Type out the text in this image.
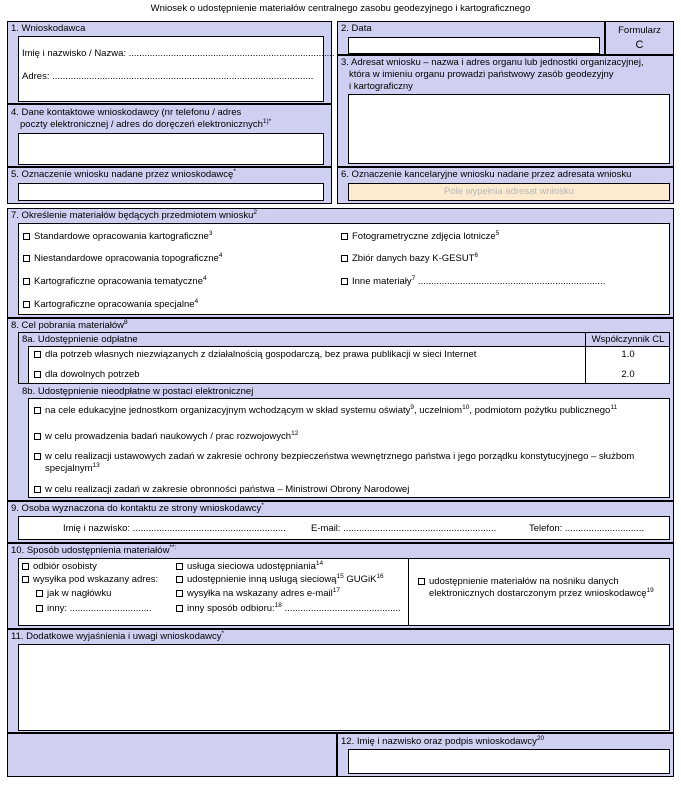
Wniosek o udostępnienie materiałów centralnego zasobu geodezyjnego i kartograficznego
1. Wnioskodawca
Imię i nazwisko / Nazwa: ..............................................................................
Adres: ...................................................................................................
2. Data	Formularz
C
3. Adresat wniosku – nazwa i adres organu lub jednostki organizacyjnej,
która w imieniu organu prowadzi państwowy zasób geodezyjny
i kartograficzny
4. Dane kontaktowe wnioskodawcy (nr telefonu / adres
poczty elektronicznej / adres do doręczeń elektronicznych$^{1)*}$
5. Oznaczenie wniosku nadane przez wnioskodawcę*	6. Oznaczenie kancelaryjne wniosku nadane przez adresata wniosku
Pole wypełnia adresat wniosku
7. Określenie materiałów będących przedmiotem wniosku$^2$
Standardowe opracowania kartograficzne$^3$
Niestandardowe opracowania topograficzne$^4$
Kartograficzne opracowania tematyczne$^4$
Kartograficzne opracowania specjalne$^4$
Fotogrametryczne zdjęcia lotnicze$^5$
Zbiór danych bazy K-GESUT$^6$
Inne materiały$^7$ .......................................................................
8. Cel pobrania materiałów$^8$
8a. Udostępnienie odpłatne	Współczynnik CL
dla potrzeb własnych niezwiązanych z działalnością gospodarczą, bez prawa publikacji w sieci Internet	1.0
dla dowolnych potrzeb	2.0
8b. Udostępnienie nieodpłatne w postaci elektronicznej
na cele edukacyjne jednostkom organizacyjnym wchodzącym w skład systemu oświaty$^9$, uczelniom$^{10}$, podmiotom pożytku publicznego$^{11}$
w celu prowadzenia badań naukowych / prac rozwojowych$^{12}$
w celu realizacji ustawowych zadań w zakresie ochrony bezpieczeństwa wewnętrznego państwa i jego porządku konstytucyjnego – służbom
specjalnym$^{13}$
w celu realizacji zadań w zakresie obronności państwa – Ministrowi Obrony Narodowej
9. Osoba wyznaczona do kontaktu ze strony wnioskodawcy*
Imię i nazwisko: ..........................................................	E-mail: ..........................................................	Telefon: ..............................
10. Sposób udostępnienia materiałów**:
odbiór osobisty
wysyłka pod wskazany adres:
jak w nagłówku
inny: ...............................
usługa sieciowa udostępniania$^{14}$
udostępnienie inną usługą sieciową$^{15}$ GUGiK$^{16}$
wysyłka na wskazany adres e-mail$^{17}$
inny sposób odbioru:$^{18}$ ............................................
udostępnienie materiałów na nośniku danych
elektronicznych dostarczonym przez wnioskodawcę$^{19}$
11. Dodatkowe wyjaśnienia i uwagi wnioskodawcy*
12. Imię i nazwisko oraz podpis wnioskodawcy$^{20}$
